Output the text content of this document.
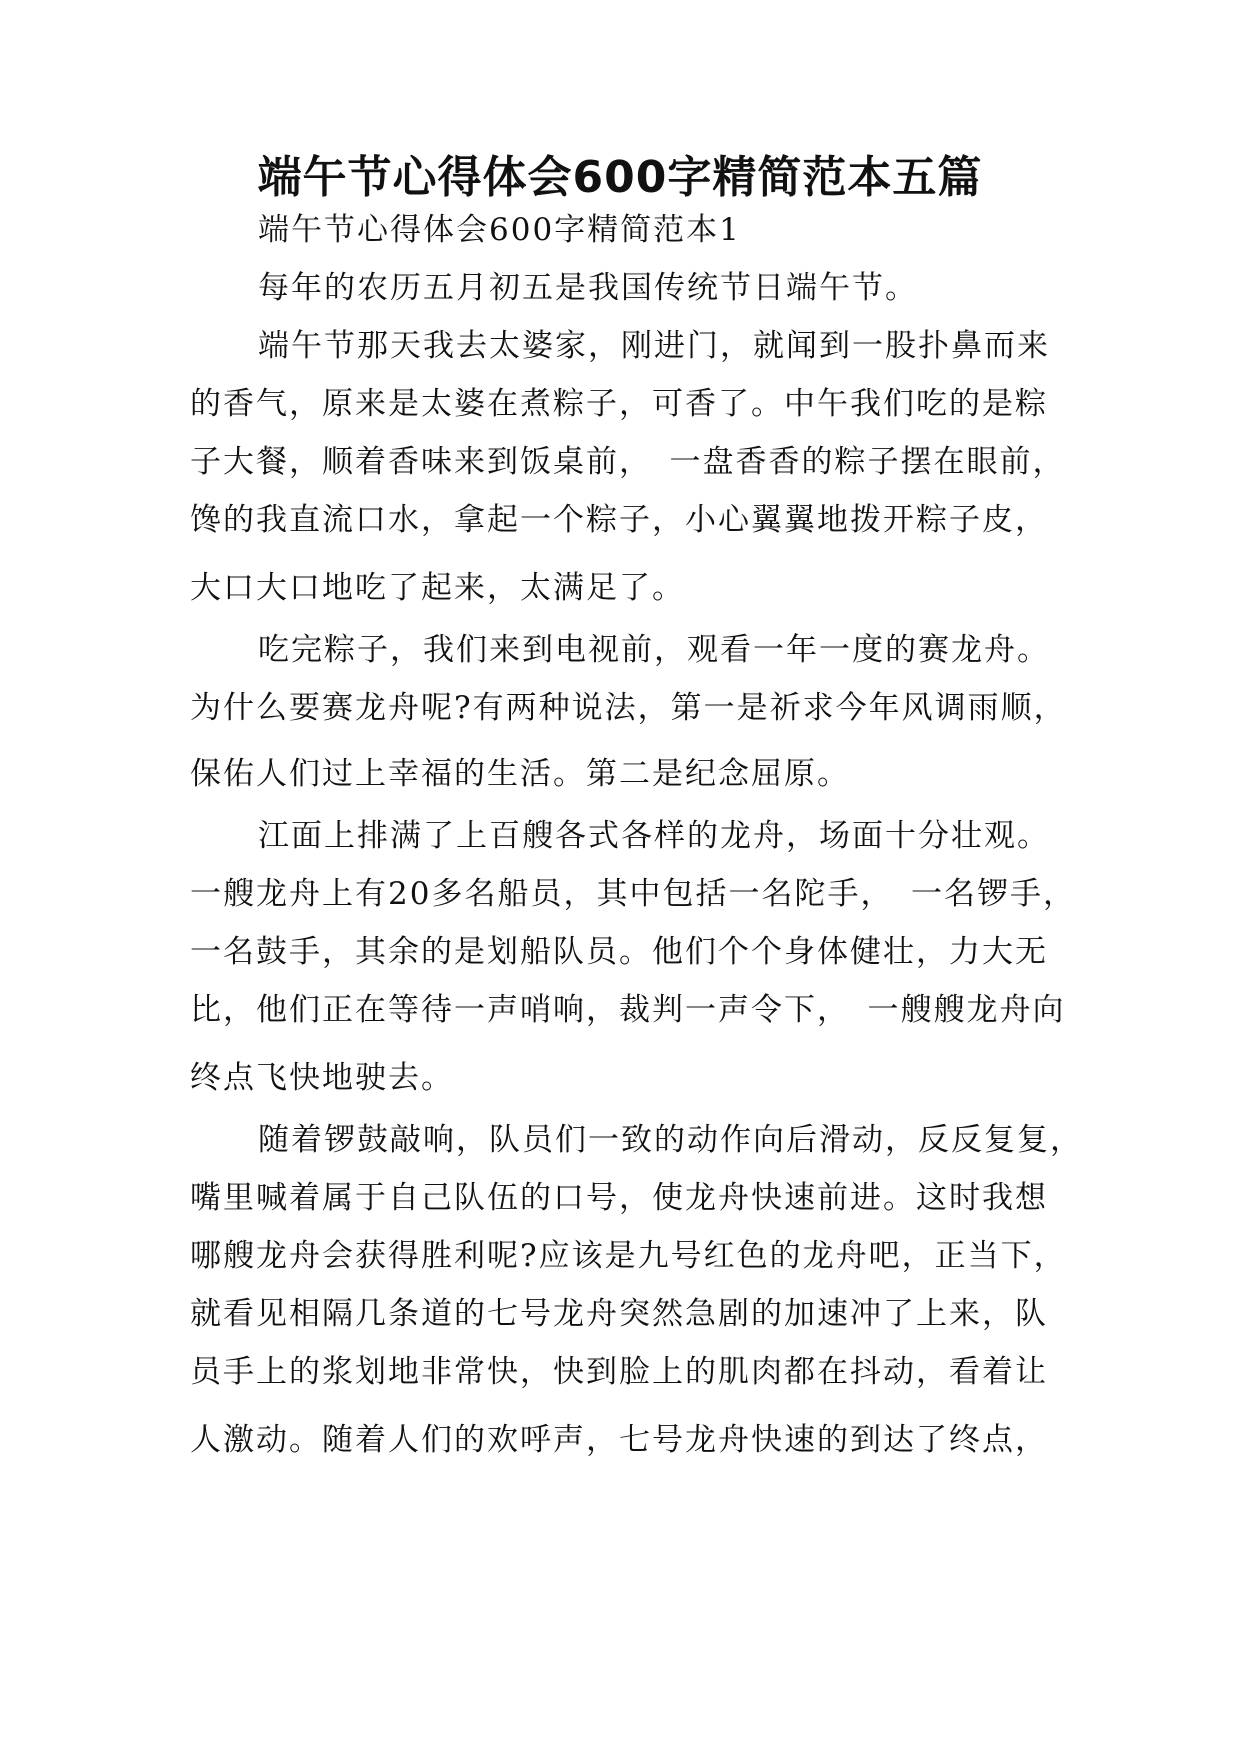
端午节心得体会600字精简范本五篇

端午节心得体会600字精简范本1

每年的农历五月初五是我国传统节日端午节。

端午节那天我去太婆家，刚进门，就闻到一股扑鼻而来

的香气，原来是太婆在煮粽子，可香了。中午我们吃的是粽

子大餐，顺着香味来到饭桌前，　一盘香香的粽子摆在眼前，

馋的我直流口水，拿起一个粽子，小心翼翼地拨开粽子皮，

大口大口地吃了起来，太满足了。

吃完粽子，我们来到电视前，观看一年一度的赛龙舟。

为什么要赛龙舟呢?有两种说法，第一是祈求今年风调雨顺，

保佑人们过上幸福的生活。第二是纪念屈原。

江面上排满了上百艘各式各样的龙舟，场面十分壮观。

一艘龙舟上有20多名船员，其中包括一名陀手，　一名锣手，

一名鼓手，其余的是划船队员。他们个个身体健壮，力大无

比，他们正在等待一声哨响，裁判一声令下，　一艘艘龙舟向

终点飞快地驶去。

随着锣鼓敲响，队员们一致的动作向后滑动，反反复复，

嘴里喊着属于自己队伍的口号，使龙舟快速前进。这时我想

哪艘龙舟会获得胜利呢?应该是九号红色的龙舟吧，正当下，

就看见相隔几条道的七号龙舟突然急剧的加速冲了上来，队

员手上的浆划地非常快，快到脸上的肌肉都在抖动，看着让

人激动。随着人们的欢呼声，七号龙舟快速的到达了终点，
